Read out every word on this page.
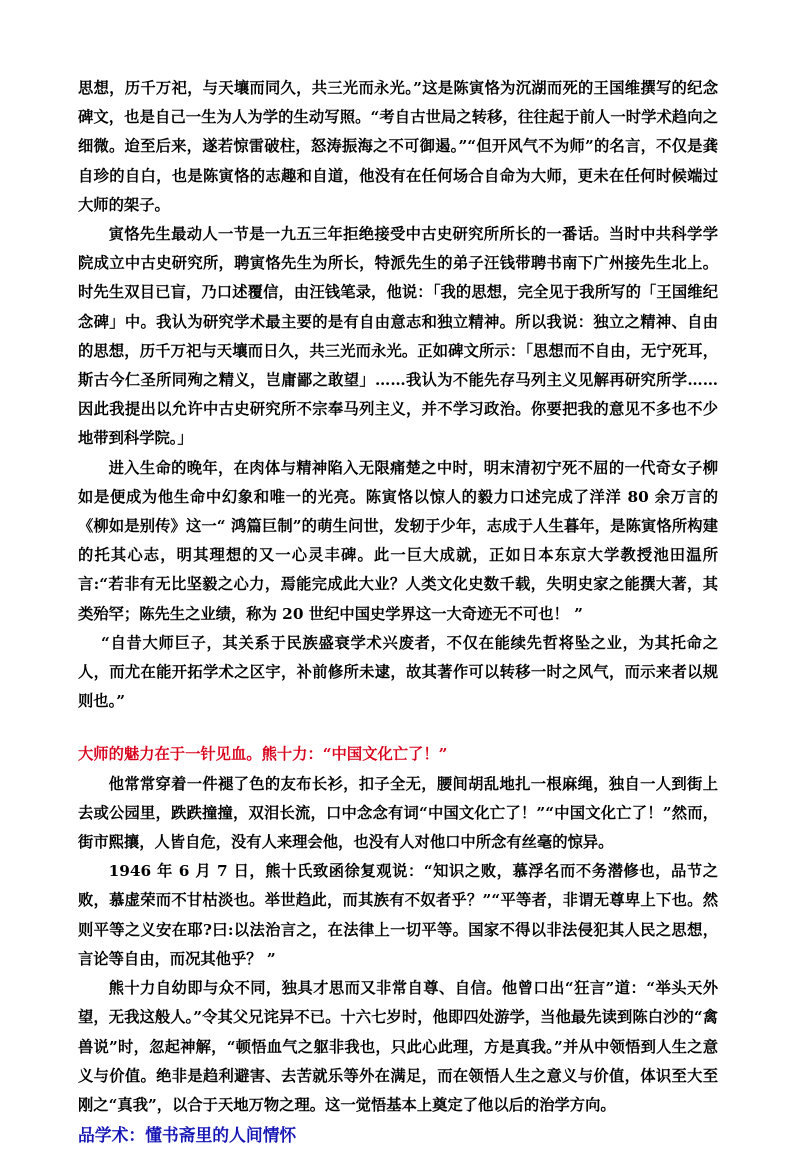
思想，历千万祀，与天壤而同久，共三光而永光。”这是陈寅恪为沉湖而死的王国维撰写的纪念碑文，也是自己一生为人为学的生动写照。“考自古世局之转移，往往起于前人一时学术趋向之细微。迨至后来，遂若惊雷破柱，怒涛振海之不可御遏。”“但开风气不为师”的名言，不仅是龚自珍的自白，也是陈寅恪的志趣和自道，他没有在任何场合自命为大师，更未在任何时候端过大师的架子。

寅恪先生最动人一节是一九五三年拒绝接受中古史研究所所长的一番话。当时中共科学学院成立中古史研究所，聘寅恪先生为所长，特派先生的弟子汪钱带聘书南下广州接先生北上。时先生双目已盲，乃口述覆信，由汪钱笔录，他说：「我的思想，完全见于我所写的「王国维纪念碑」中。我认为研究学术最主要的是有自由意志和独立精神。所以我说：独立之精神、自由的思想，历千万祀与天壤而日久，共三光而永光。正如碑文所示：「思想而不自由，无宁死耳，斯古今仁圣所同殉之精义，岂庸鄙之敢望」……我认为不能先存马列主义见解再研究所学……因此我提出以允许中古史研究所不宗奉马列主义，并不学习政治。你要把我的意见不多也不少地带到科学院。」

进入生命的晚年，在肉体与精神陷入无限痛楚之中时，明末清初宁死不屈的一代奇女子柳如是便成为他生命中幻象和唯一的光亮。陈寅恪以惊人的毅力口述完成了洋洋 80 余万言的《柳如是别传》这一“ 鸿篇巨制”的萌生问世，发轫于少年，志成于人生暮年，是陈寅恪所构建的托其心志，明其理想的又一心灵丰碑。此一巨大成就，正如日本东京大学教授池田温所言:“若非有无比坚毅之心力，焉能完成此大业？人类文化史数千载，失明史家之能撰大著，其类殆罕；陈先生之业绩，称为 20 世纪中国史学界这一大奇迹无不可也！ ”

“自昔大师巨子，其关系于民族盛衰学术兴废者，不仅在能续先哲将坠之业，为其托命之人，而尤在能开拓学术之区宇，补前修所未逮，故其著作可以转移一时之风气，而示来者以规则也。”

大师的魅力在于一针见血。熊十力：“中国文化亡了！”

他常常穿着一件褪了色的友布长衫，扣子全无，腰间胡乱地扎一根麻绳，独自一人到街上去或公园里，跌跌撞撞，双泪长流，口中念念有词“中国文化亡了！”“中国文化亡了！”然而，街市熙攘，人皆自危，没有人来理会他，也没有人对他口中所念有丝毫的惊异。

1946 年 6 月 7 日，熊十氏致函徐复观说：“知识之败，慕浮名而不务潜修也，品节之败，慕虚荣而不甘枯淡也。举世趋此，而其族有不奴者乎？”“平等者，非谓无尊卑上下也。然则平等之义安在耶?曰:以法治言之，在法律上一切平等。国家不得以非法侵犯其人民之思想，言论等自由，而况其他乎？ ”

熊十力自幼即与众不同，独具才思而又非常自尊、自信。他曾口出“狂言”道：“举头天外望，无我这般人。”令其父兄诧异不已。十六七岁时，他即四处游学，当他最先读到陈白沙的“禽兽说”时，忽起神解，“顿悟血气之躯非我也，只此心此理，方是真我。”并从中领悟到人生之意义与价值。绝非是趋利避害、去苦就乐等外在满足，而在领悟人生之意义与价值，体识至大至刚之“真我”，以合于天地万物之理。这一觉悟基本上奠定了他以后的治学方向。

品学术：懂书斋里的人间情怀
